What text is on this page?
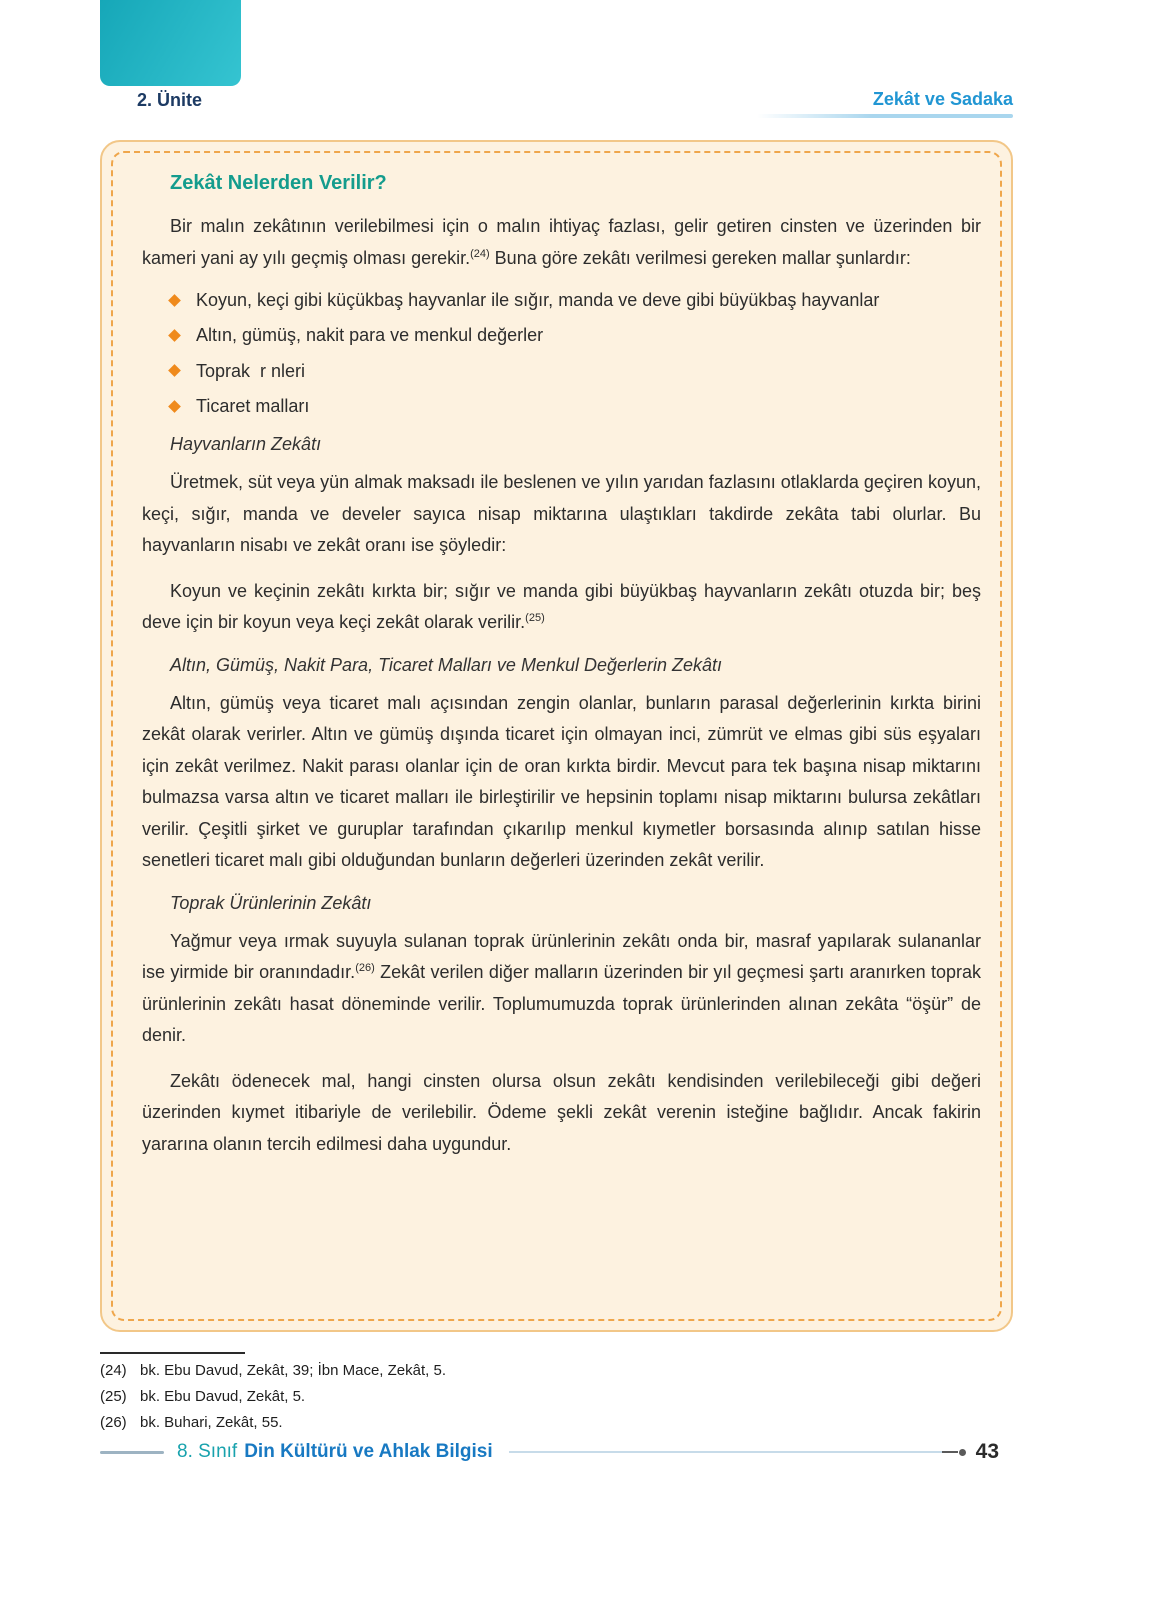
2. Ünite	Zekât ve Sadaka
Zekât Nelerden Verilir?

Bir malın zekâtının verilebilmesi için o malın ihtiyaç fazlası, gelir getiren cinsten ve üzerinden bir kameri yani ay yılı geçmiş olması gerekir.$^{(24)}$ Buna göre zekâtı verilmesi gereken mallar şunlardır:

Koyun, keçi gibi küçükbaş hayvanlar ile sığır, manda ve deve gibi büyükbaş hayvanlar
Altın, gümüş, nakit para ve menkul değerler
Toprak  r nleri
Ticaret malları
Hayvanların Zekâtı

Üretmek, süt veya yün almak maksadı ile beslenen ve yılın yarıdan fazlasını otlaklarda geçiren koyun, keçi, sığır, manda ve develer sayıca nisap miktarına ulaştıkları takdirde zekâta tabi olurlar. Bu hayvanların nisabı ve zekât oranı ise şöyledir:

Koyun ve keçinin zekâtı kırkta bir; sığır ve manda gibi büyükbaş hayvanların zekâtı otuzda bir; beş deve için bir koyun veya keçi zekât olarak verilir.$^{(25)}$

Altın, Gümüş, Nakit Para, Ticaret Malları ve Menkul Değerlerin Zekâtı

Altın, gümüş veya ticaret malı açısından zengin olanlar, bunların parasal değerlerinin kırkta birini zekât olarak verirler. Altın ve gümüş dışında ticaret için olmayan inci, zümrüt ve elmas gibi süs eşyaları için zekât verilmez. Nakit parası olanlar için de oran kırkta birdir. Mevcut para tek başına nisap miktarını bulmazsa varsa altın ve ticaret malları ile birleştirilir ve hepsinin toplamı nisap miktarını bulursa zekâtları verilir. Çeşitli şirket ve guruplar tarafından çıkarılıp menkul kıymetler borsasında alınıp satılan hisse senetleri ticaret malı gibi olduğundan bunların değerleri üzerinden zekât verilir.

Toprak Ürünlerinin Zekâtı

Yağmur veya ırmak suyuyla sulanan toprak ürünlerinin zekâtı onda bir, masraf yapılarak sulananlar ise yirmide bir oranındadır.$^{(26)}$ Zekât verilen diğer malların üzerinden bir yıl geçmesi şartı aranırken toprak ürünlerinin zekâtı hasat döneminde verilir. Toplumumuzda toprak ürünlerinden alınan zekâta “öşür” de denir.

Zekâtı ödenecek mal, hangi cinsten olursa olsun zekâtı kendisinden verilebileceği gibi değeri üzerinden kıymet itibariyle de verilebilir. Ödeme şekli zekât verenin isteğine bağlıdır. Ancak fakirin yararına olanın tercih edilmesi daha uygundur.

(24) bk. Ebu Davud, Zekât, 39; İbn Mace, Zekât, 5.
(25) bk. Ebu Davud, Zekât, 5.
(26) bk. Buhari, Zekât, 55.
8. Sınıf Din Kültürü ve Ahlak Bilgisi	43
